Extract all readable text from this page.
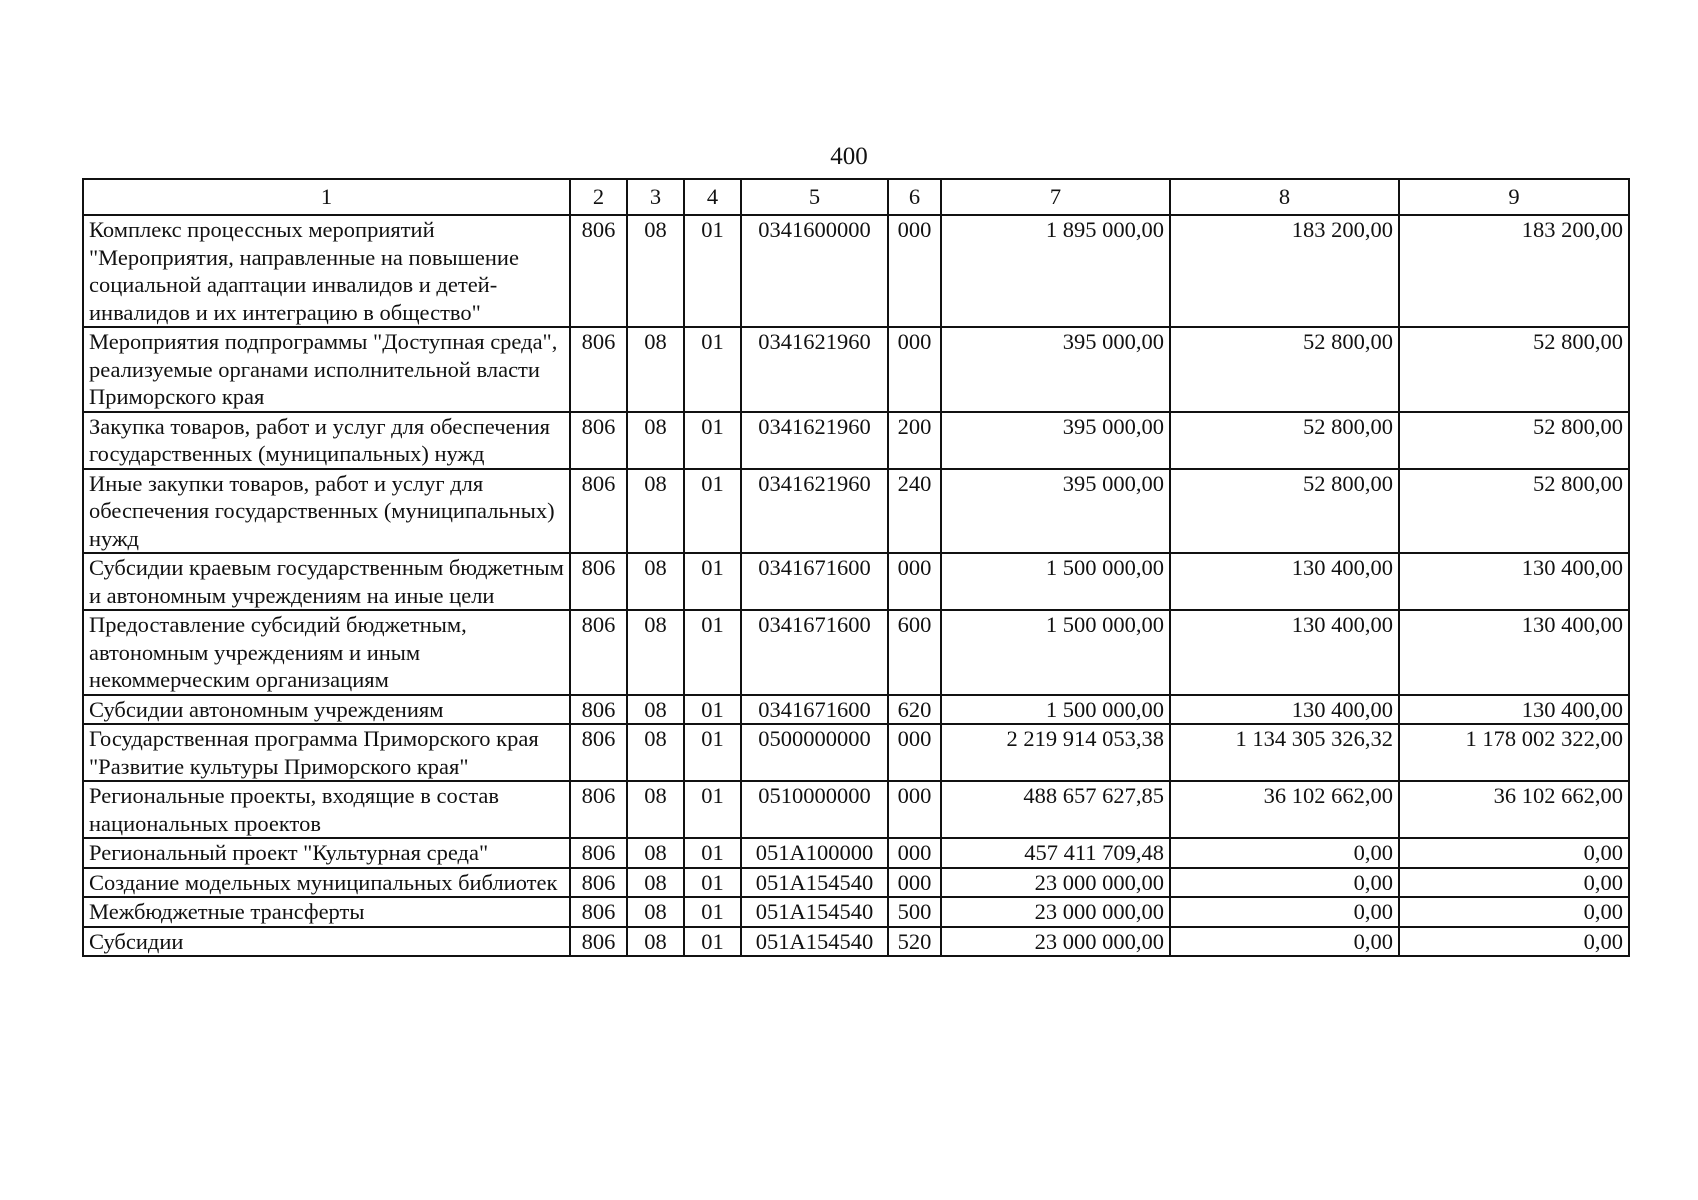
400
1	2	3	4	5	6	7	8	9
Комплекс процессных мероприятий "Мероприятия, направленные на повышение социальной адаптации инвалидов и детей-инвалидов и их интеграцию в общество"	806	08	01	0341600000	000	1 895 000,00	183 200,00	183 200,00
Мероприятия подпрограммы "Доступная среда", реализуемые органами исполнительной власти Приморского края	806	08	01	0341621960	000	395 000,00	52 800,00	52 800,00
Закупка товаров, работ и услуг для обеспечения государственных (муниципальных) нужд	806	08	01	0341621960	200	395 000,00	52 800,00	52 800,00
Иные закупки товаров, работ и услуг для обеспечения государственных (муниципальных) нужд	806	08	01	0341621960	240	395 000,00	52 800,00	52 800,00
Субсидии краевым государственным бюджетным и автономным учреждениям на иные цели	806	08	01	0341671600	000	1 500 000,00	130 400,00	130 400,00
Предоставление субсидий бюджетным, автономным учреждениям и иным некоммерческим организациям	806	08	01	0341671600	600	1 500 000,00	130 400,00	130 400,00
Субсидии автономным учреждениям	806	08	01	0341671600	620	1 500 000,00	130 400,00	130 400,00
Государственная программа Приморского края "Развитие культуры Приморского края"	806	08	01	0500000000	000	2 219 914 053,38	1 134 305 326,32	1 178 002 322,00
Региональные проекты, входящие в состав национальных проектов	806	08	01	0510000000	000	488 657 627,85	36 102 662,00	36 102 662,00
Региональный проект "Культурная среда"	806	08	01	051A100000	000	457 411 709,48	0,00	0,00
Создание модельных муниципальных библиотек	806	08	01	051A154540	000	23 000 000,00	0,00	0,00
Межбюджетные трансферты	806	08	01	051A154540	500	23 000 000,00	0,00	0,00
Субсидии	806	08	01	051A154540	520	23 000 000,00	0,00	0,00
